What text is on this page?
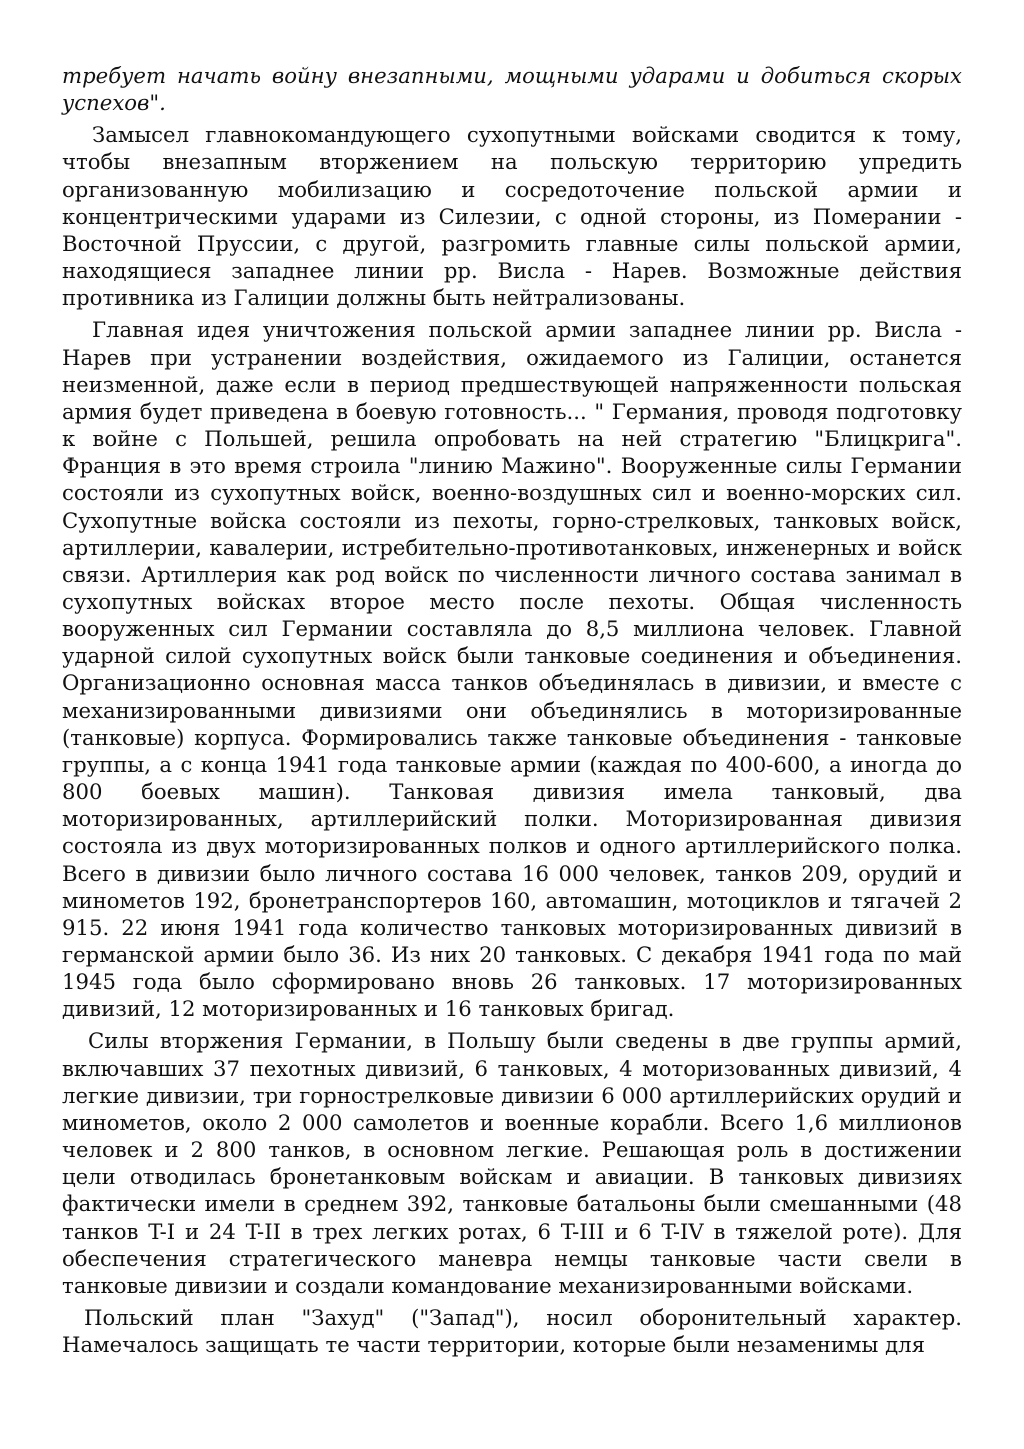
требует начать войну внезапными, мощными ударами и добиться скорых успехов".

Замысел главнокомандующего сухопутными войсками сводится к тому, чтобы внезапным вторжением на польскую территорию упредить организованную мобилизацию и сосредоточение польской армии и концентрическими ударами из Силезии, с одной стороны, из Померании - Восточной Пруссии, с другой, разгромить главные силы польской армии, находящиеся западнее линии рр. Висла - Нарев. Возможные действия противника из Галиции должны быть нейтрализованы.

Главная идея уничтожения польской армии западнее линии рр. Висла - Нарев при устранении воздействия, ожидаемого из Галиции, останется неизменной, даже если в период предшествующей напряженности польская армия будет приведена в боевую готовность... " Германия, проводя подготовку к войне с Польшей, решила опробовать на ней стратегию "Блицкрига". Франция в это время строила "линию Мажино". Вооруженные силы Германии состояли из сухопутных войск, военно-воздушных сил и военно-морских сил. Сухопутные войска состояли из пехоты, горно-стрелковых, танковых войск, артиллерии, кавалерии, истребительно-противотанковых, инженерных и войск связи. Артиллерия как род войск по численности личного состава занимал в сухопутных войсках второе место после пехоты. Общая численность вооруженных сил Германии составляла до 8,5 миллиона человек. Главной ударной силой сухопутных войск были танковые соединения и объединения. Организационно основная масса танков объединялась в дивизии, и вместе с механизированными дивизиями они объединялись в моторизированные (танковые) корпуса. Формировались также танковые объединения - танковые группы, а с конца 1941 года танковые армии (каждая по 400-600, а иногда до 800 боевых машин). Танковая дивизия имела танковый, два моторизированных, артиллерийский полки. Моторизированная дивизия состояла из двух моторизированных полков и одного артиллерийского полка. Всего в дивизии было личного состава 16 000 человек, танков 209, орудий и минометов 192, бронетранспортеров 160, автомашин, мотоциклов и тягачей 2 915. 22 июня 1941 года количество танковых моторизированных дивизий в германской армии было 36. Из них 20 танковых. С декабря 1941 года по май 1945 года было сформировано вновь 26 танковых. 17 моторизированных дивизий, 12 моторизированных и 16 танковых бригад.

Силы вторжения Германии, в Польшу были сведены в две группы армий, включавших 37 пехотных дивизий, 6 танковых, 4 моторизованных дивизий, 4 легкие дивизии, три горнострелковые дивизии 6 000 артиллерийских орудий и минометов, около 2 000 самолетов и военные корабли. Всего 1,6 миллионов человек и 2 800 танков, в основном легкие. Решающая роль в достижении цели отводилась бронетанковым войскам и авиации. В танковых дивизиях фактически имели в среднем 392, танковые батальоны были смешанными (48 танков T-I и 24 T-II в трех легких ротах, 6 T-III и 6 T-IV в тяжелой роте). Для обеспечения стратегического маневра немцы танковые части свели в танковые дивизии и создали командование механизированными войсками.

Польский план "Захуд" ("Запад"), носил оборонительный характер. Намечалось защищать те части территории, которые были незаменимы для
